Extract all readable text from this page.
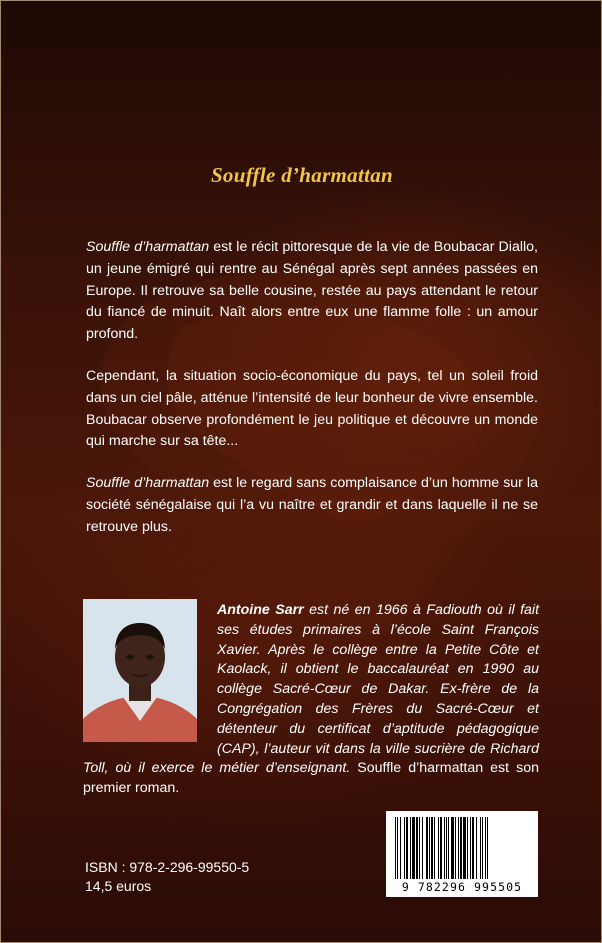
Souffle d’harmattan

Souffle d’harmattan est le récit pittoresque de la vie de Boubacar Diallo, un jeune émigré qui rentre au Sénégal après sept années passées en Europe. Il retrouve sa belle cousine, restée au pays attendant le retour du fiancé de minuit. Naît alors entre eux une flamme folle : un amour profond.

Cependant, la situation socio-économique du pays, tel un soleil froid dans un ciel pâle, atténue l’intensité de leur bonheur de vivre ensemble. Boubacar observe profondément le jeu politique et découvre un monde qui marche sur sa tête...

Souffle d’harmattan est le regard sans complaisance d’un homme sur la société sénégalaise qui l’a vu naître et grandir et dans laquelle il ne se retrouve plus.

Antoine Sarr est né en 1966 à Fadiouth où il fait ses études primaires à l’école Saint François Xavier. Après le collège entre la Petite Côte et Kaolack, il obtient le baccalauréat en 1990 au collège Sacré-Cœur de Dakar. Ex-frère de la Congrégation des Frères du Sacré-Cœur et détenteur du certificat d’aptitude pédagogique (CAP), l’auteur vit dans la ville sucrière de Richard Toll, où il exerce le métier d’enseignant. Souffle d’harmattan est son premier roman.
ISBN : 978-2-296-99550-5
14,5 euros	9 782296 995505
